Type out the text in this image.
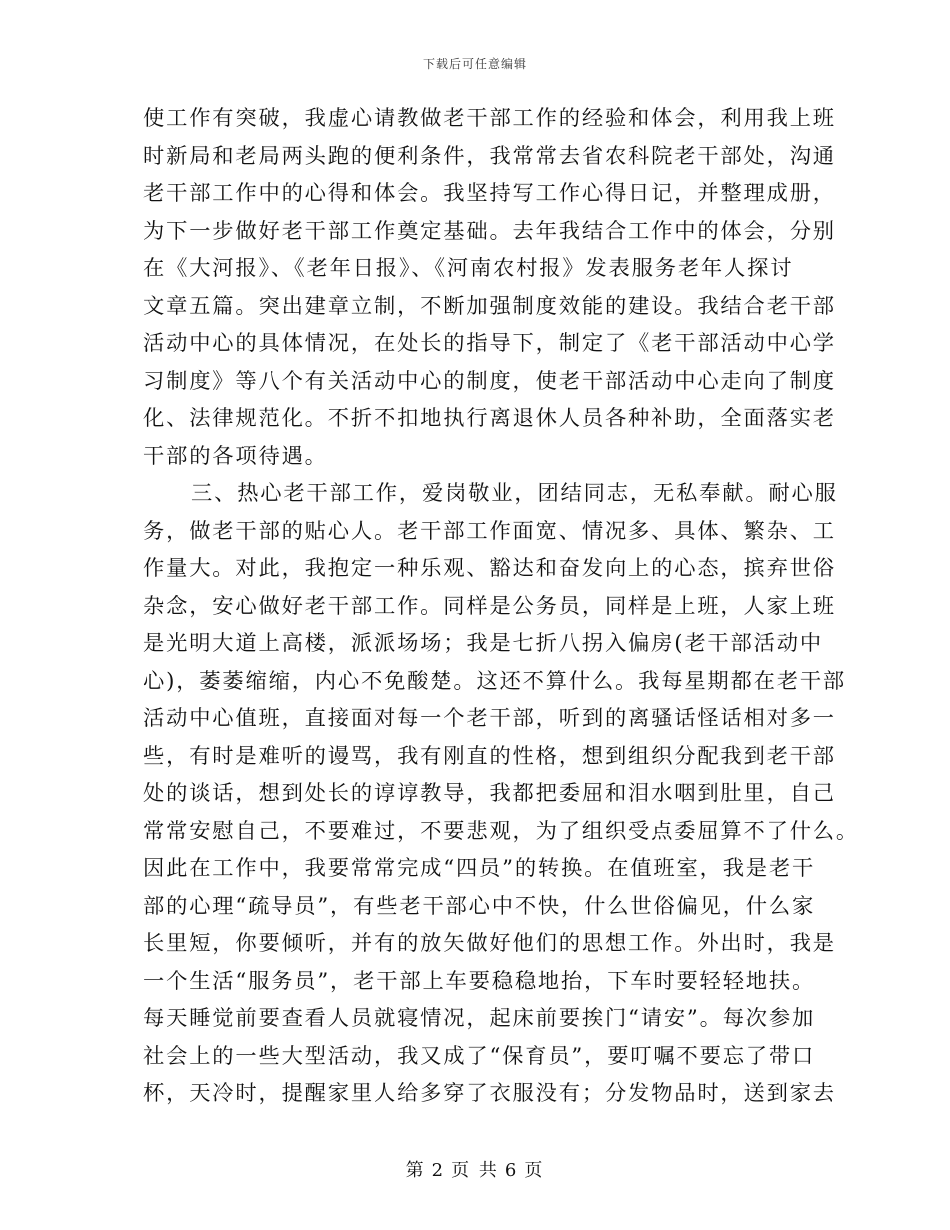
下载后可任意编辑
使工作有突破，我虚心请教做老干部工作的经验和体会，利用我上班
时新局和老局两头跑的便利条件，我常常去省农科院老干部处，沟通
老干部工作中的心得和体会。我坚持写工作心得日记，并整理成册，
为下一步做好老干部工作奠定基础。去年我结合工作中的体会，分别
在《大河报》、《老年日报》、《河南农村报》发表服务老年人探讨
文章五篇。突出建章立制，不断加强制度效能的建设。我结合老干部
活动中心的具体情况，在处长的指导下，制定了《老干部活动中心学
习制度》等八个有关活动中心的制度，使老干部活动中心走向了制度
化、法律规范化。不折不扣地执行离退休人员各种补助，全面落实老
干部的各项待遇。
三、热心老干部工作，爱岗敬业，团结同志，无私奉献。耐心服
务，做老干部的贴心人。老干部工作面宽、情况多、具体、繁杂、工
作量大。对此，我抱定一种乐观、豁达和奋发向上的心态，摈弃世俗
杂念，安心做好老干部工作。同样是公务员，同样是上班，人家上班
是光明大道上高楼，派派场场；我是七折八拐入偏房(老干部活动中
心)，萎萎缩缩，内心不免酸楚。这还不算什么。我每星期都在老干部
活动中心值班，直接面对每一个老干部，听到的离骚话怪话相对多一
些，有时是难听的谩骂，我有刚直的性格，想到组织分配我到老干部
处的谈话，想到处长的谆谆教导，我都把委屈和泪水咽到肚里，自己
常常安慰自己，不要难过，不要悲观，为了组织受点委屈算不了什么。
因此在工作中，我要常常完成“四员”的转换。在值班室，我是老干
部的心理“疏导员”，有些老干部心中不快，什么世俗偏见，什么家
长里短，你要倾听，并有的放矢做好他们的思想工作。外出时，我是
一个生活“服务员”，老干部上车要稳稳地抬，下车时要轻轻地扶。
每天睡觉前要查看人员就寝情况，起床前要挨门“请安”。每次参加
社会上的一些大型活动，我又成了“保育员”，要叮嘱不要忘了带口
杯，天冷时，提醒家里人给多穿了衣服没有；分发物品时，送到家去
第 2 页 共 6 页
